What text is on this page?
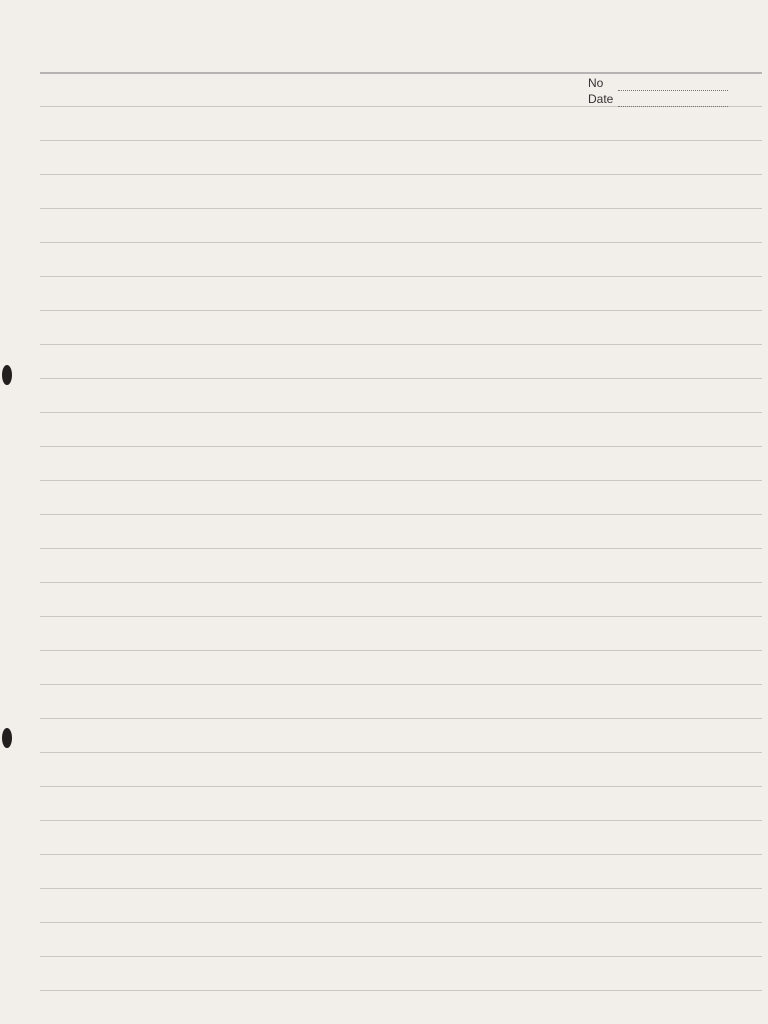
No
Date
